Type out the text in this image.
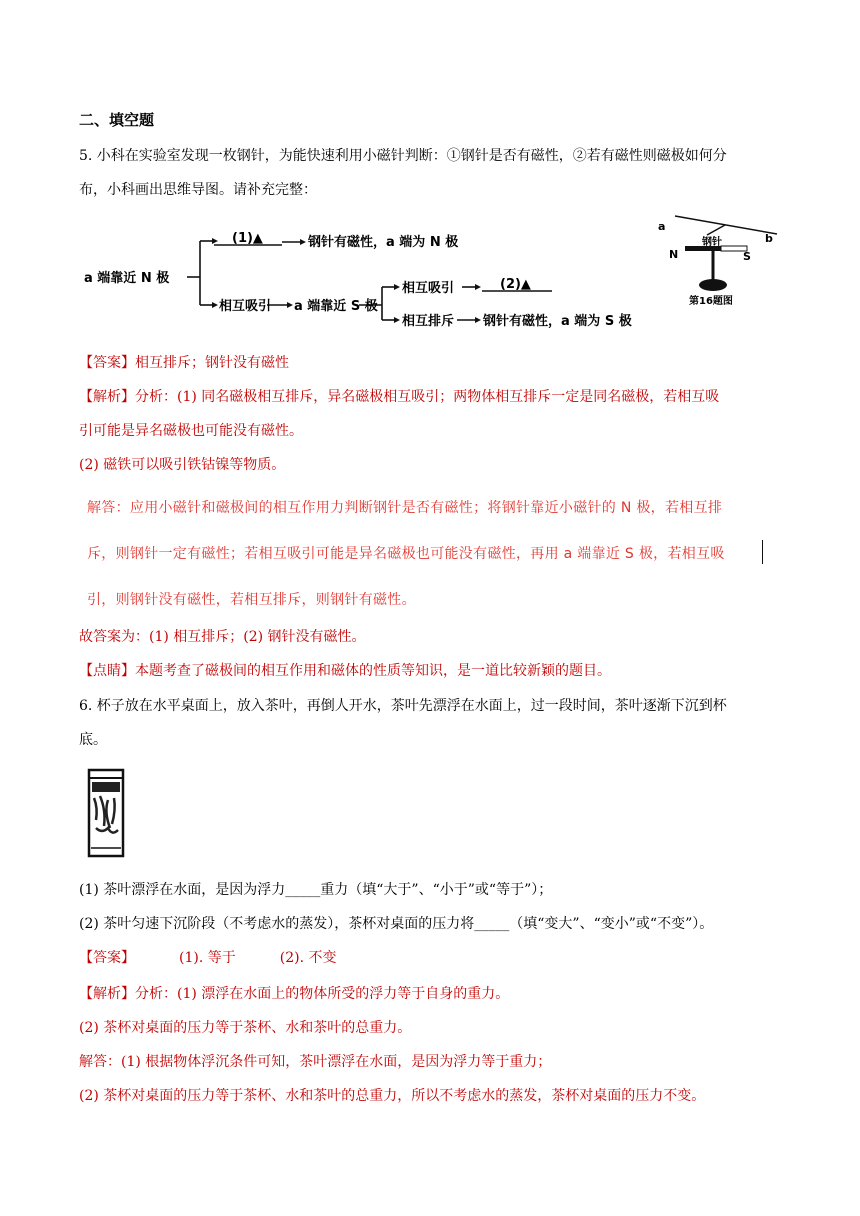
二、填空题
5. 小科在实验室发现一枚钢针，为能快速利用小磁针判断：①钢针是否有磁性，②若有磁性则磁极如何分
布，小科画出思维导图。请补充完整：
a 端靠近 N 极
(1)▲	钢针有磁性，a 端为 N 极
相互吸引 a 端靠近 S 极
相互吸引	(2)▲
相互排斥 钢针有磁性，a 端为 S 极
a
b
钢针
N	S
第16题图
【答案】相互排斥；钢针没有磁性
【解析】分析：(1) 同名磁极相互排斥，异名磁极相互吸引；两物体相互排斥一定是同名磁极，若相互吸
引可能是异名磁极也可能没有磁性。
(2) 磁铁可以吸引铁钴镍等物质。
解答：应用小磁针和磁极间的相互作用力判断钢针是否有磁性；将钢针靠近小磁针的 N 极，若相互排
斥，则钢针一定有磁性；若相互吸引可能是异名磁极也可能没有磁性，再用 a 端靠近 S 极，若相互吸
引，则钢针没有磁性，若相互排斥，则钢针有磁性。
故答案为：(1) 相互排斥；(2) 钢针没有磁性。
【点睛】本题考查了磁极间的相互作用和磁体的性质等知识，是一道比较新颖的题目。
6. 杯子放在水平桌面上，放入茶叶，再倒人开水，茶叶先漂浮在水面上，过一段时间，茶叶逐渐下沉到杯
底。
(1) 茶叶漂浮在水面，是因为浮力_____重力（填“大于”、“小于”或“等于”）；
(2) 茶叶匀速下沉阶段（不考虑水的蒸发），茶杯对桌面的压力将_____（填“变大”、“变小”或“不变”）。
【答案】	(1). 等于	(2). 不变
【解析】分析：(1) 漂浮在水面上的物体所受的浮力等于自身的重力。
(2) 茶杯对桌面的压力等于茶杯、水和茶叶的总重力。
解答：(1) 根据物体浮沉条件可知，茶叶漂浮在水面，是因为浮力等于重力；
(2) 茶杯对桌面的压力等于茶杯、水和茶叶的总重力，所以不考虑水的蒸发，茶杯对桌面的压力不变。
